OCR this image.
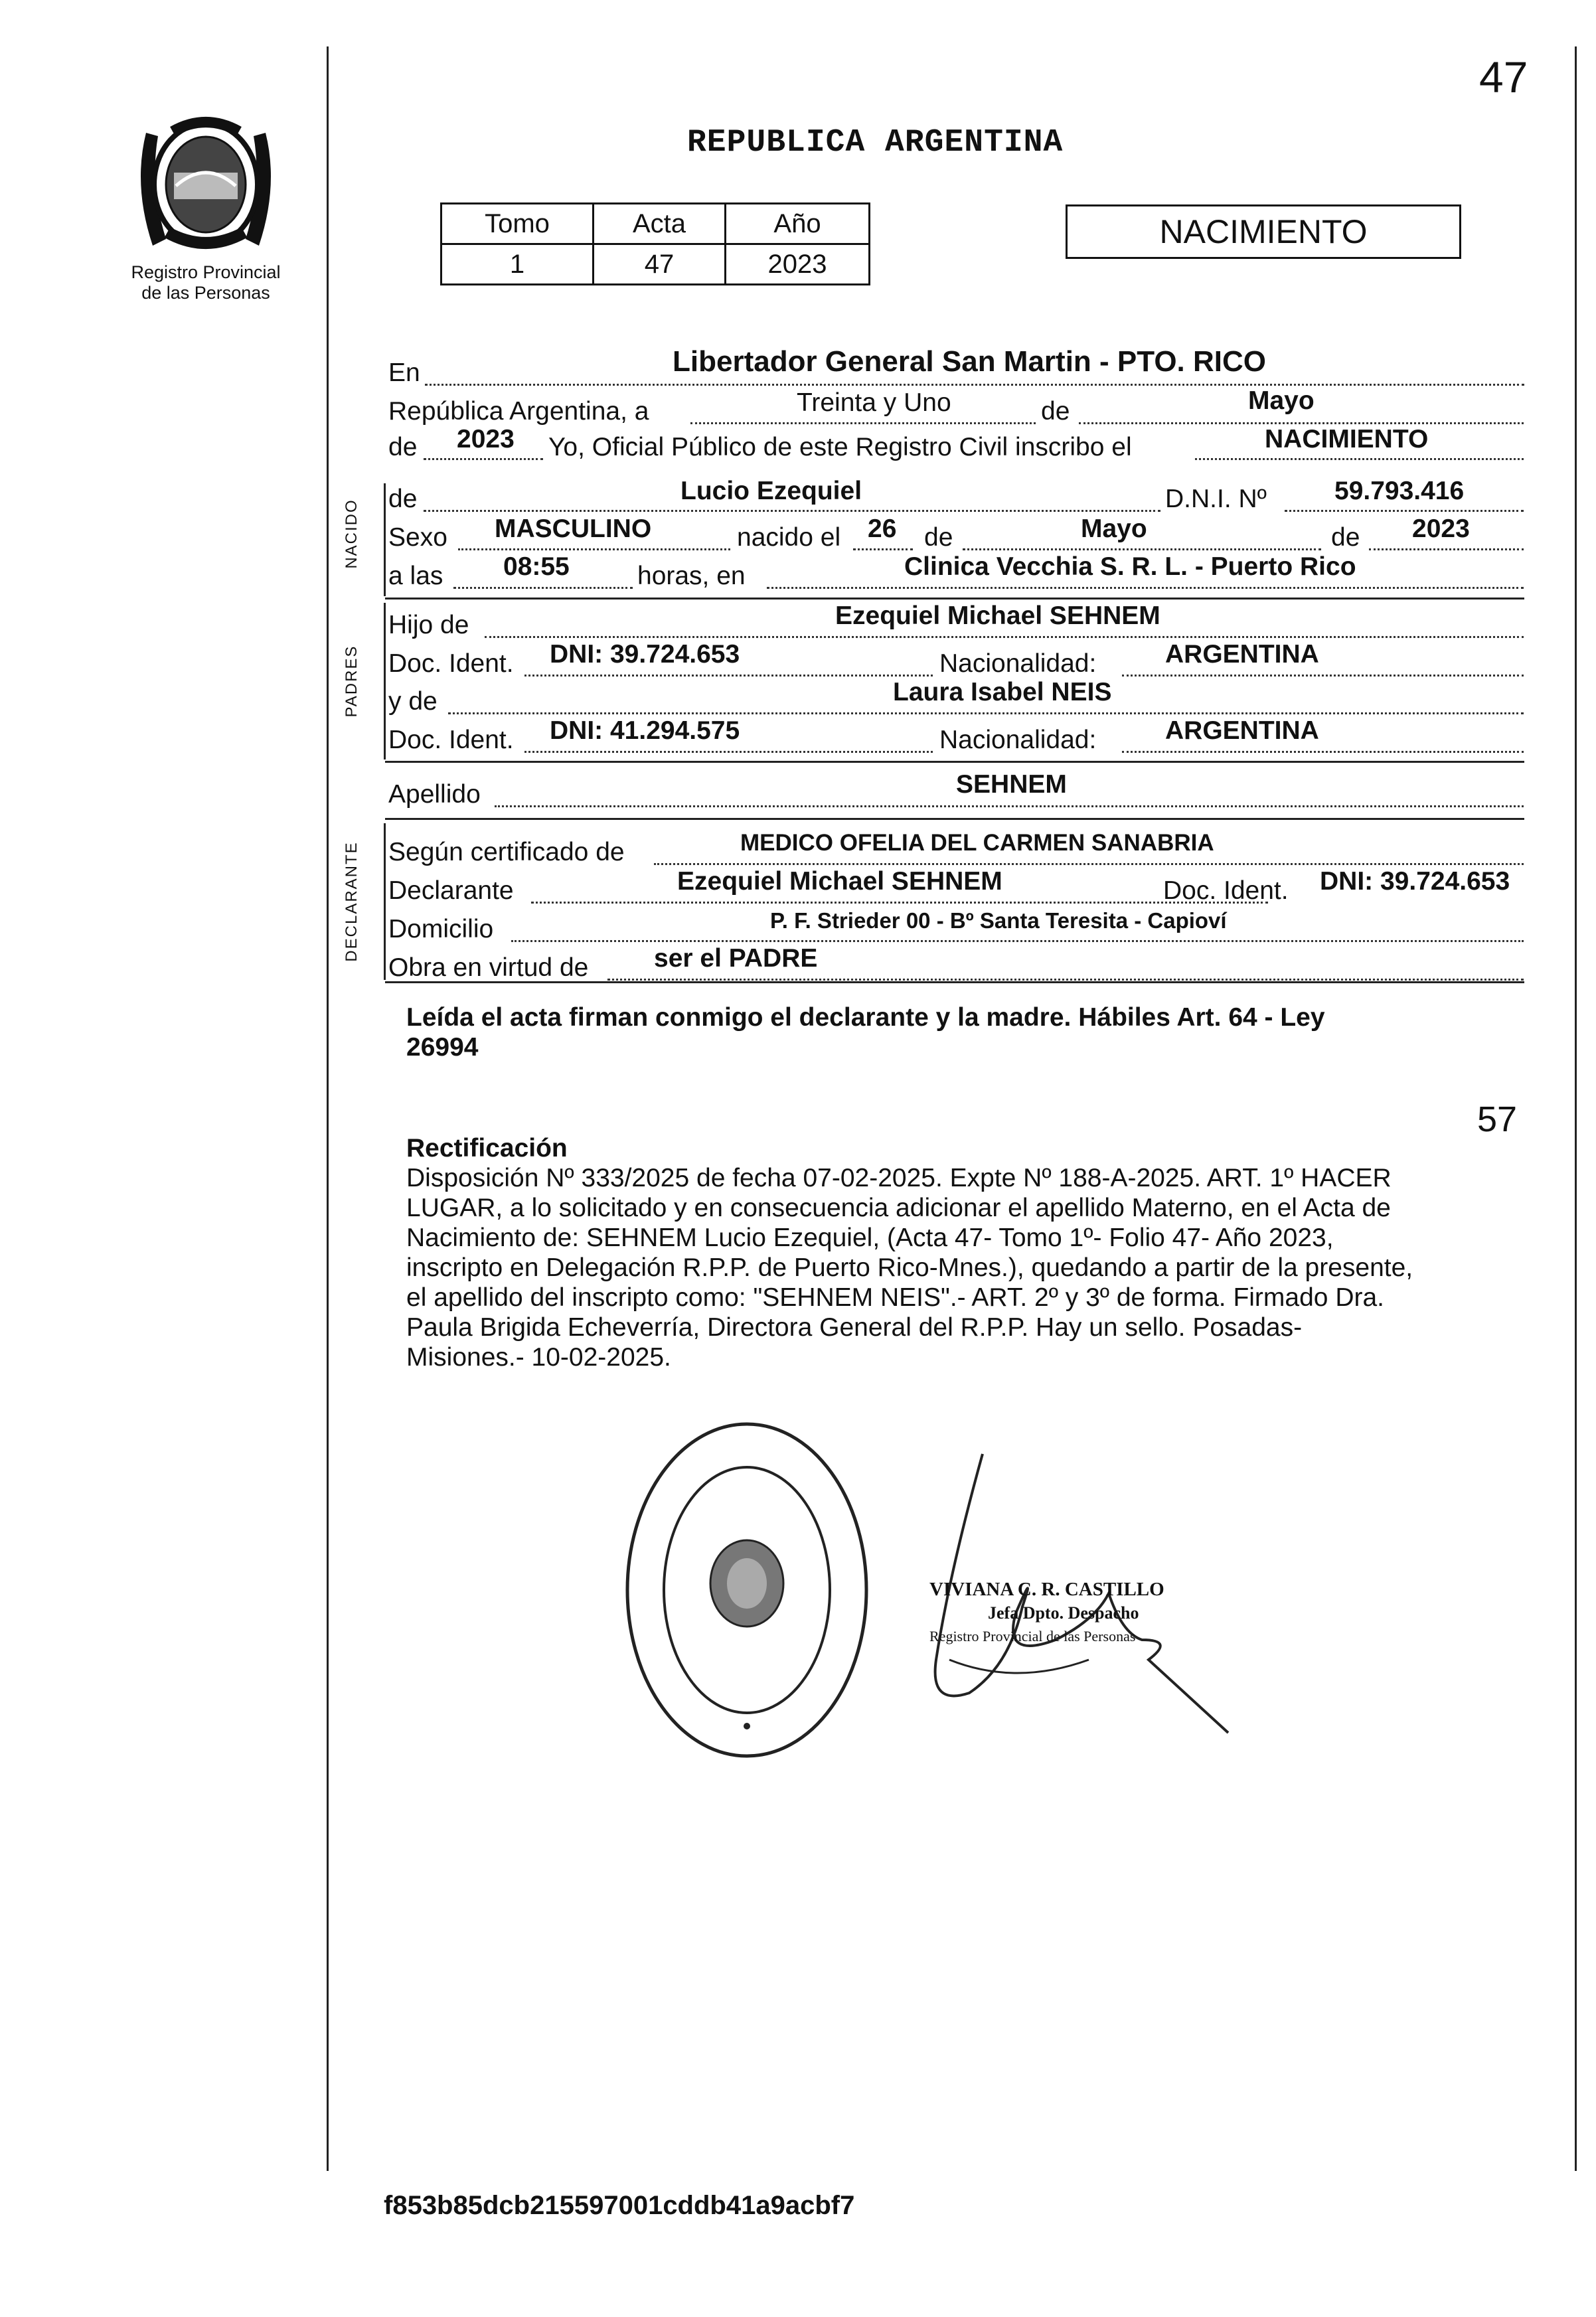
47
Registro Provincial
de las Personas
REPUBLICA ARGENTINA
Tomo	Acta	Año
1	47	2023
NACIMIENTO
NACIDO
PADRES
DECLARANTE
En	Libertador General San Martin - PTO. RICO
República Argentina, a	Treinta y Uno	de	Mayo
de 2023 Yo, Oficial Público de este Registro Civil inscribo el	NACIMIENTO
de	Lucio Ezequiel	D.N.I. Nº	59.793.416
Sexo MASCULINO	nacido el 26 de	Mayo	de 2023
a las 08:55	horas, en	Clinica Vecchia S. R. L. - Puerto Rico
Hijo de	Ezequiel Michael SEHNEM
Doc. Ident. DNI: 39.724.653	Nacionalidad:	ARGENTINA
y de	Laura Isabel NEIS
Doc. Ident. DNI: 41.294.575	Nacionalidad:	ARGENTINA
Apellido	SEHNEM
Según certificado de	MEDICO OFELIA DEL CARMEN SANABRIA
Declarante	Ezequiel Michael SEHNEM	Doc. Ident. DNI: 39.724.653
Domicilio	P. F. Strieder 00 - Bº Santa Teresita - Capioví
Obra en virtud de	ser el PADRE
Leída el acta firman conmigo el declarante y la madre. Hábiles Art. 64 - Ley
26994
57
Rectificación
Disposición Nº 333/2025 de fecha 07-02-2025. Expte Nº 188-A-2025. ART. 1º HACER
LUGAR, a lo solicitado y en consecuencia adicionar el apellido Materno, en el Acta de
Nacimiento de: SEHNEM Lucio Ezequiel, (Acta 47- Tomo 1º- Folio 47- Año 2023,
inscripto en Delegación R.P.P. de Puerto Rico-Mnes.), quedando a partir de la presente,
el apellido del inscripto como: "SEHNEM NEIS".- ART. 2º y 3º de forma. Firmado Dra.
Paula Brigida Echeverría, Directora General del R.P.P. Hay un sello. Posadas-
Misiones.- 10-02-2025.
VIVIANA C. R. CASTILLO
Jefa Dpto. Despacho
Registro Provincial de las Personas
f853b85dcb215597001cddb41a9acbf7
